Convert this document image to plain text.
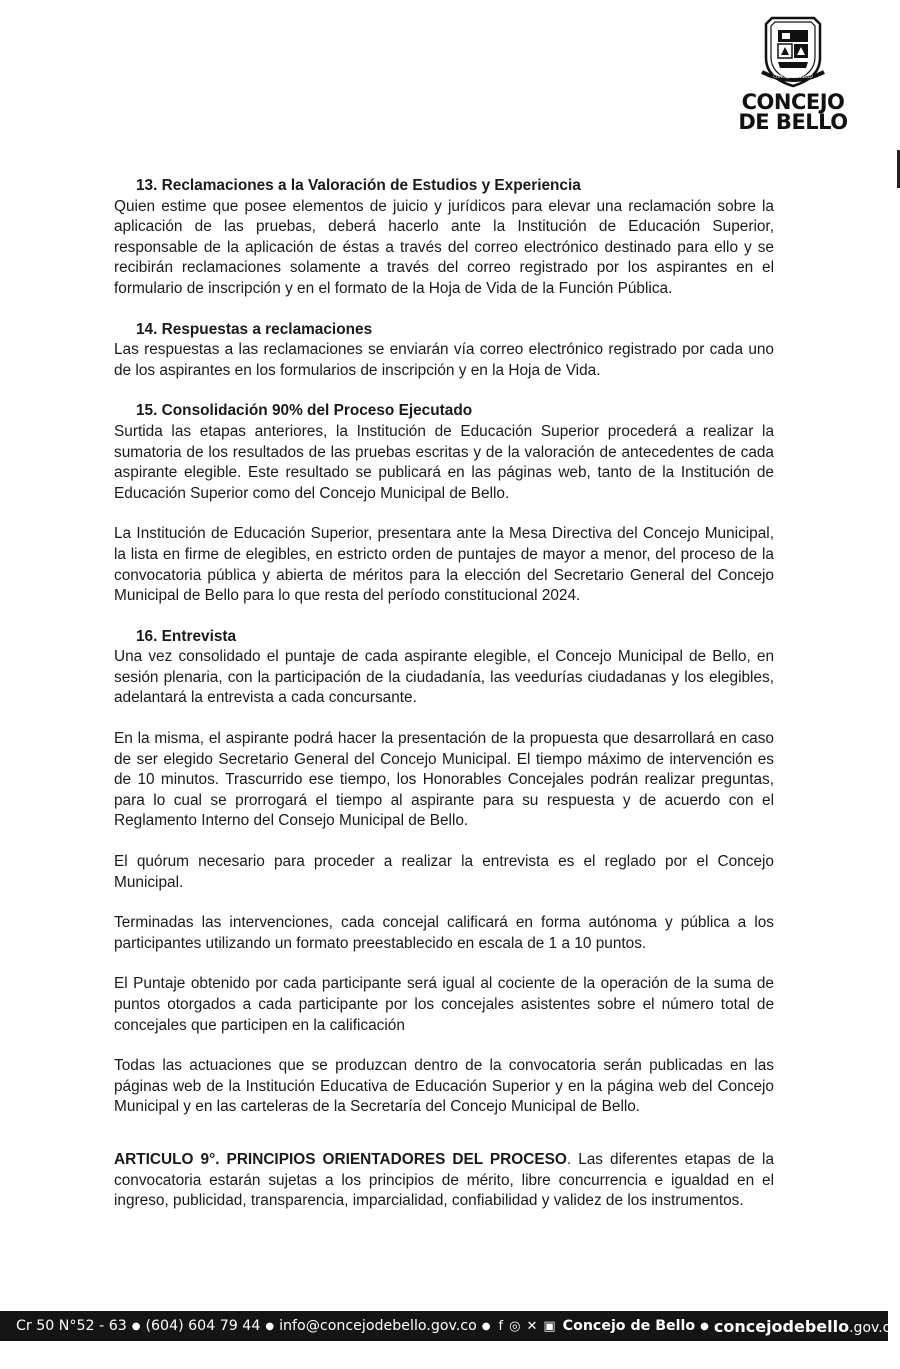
CONCEJO DE BELLO
CONCEJO
DE BELLO
13. Reclamaciones a la Valoración de Estudios y Experiencia

Quien estime que posee elementos de juicio y jurídicos para elevar una reclamación sobre la aplicación de las pruebas, deberá hacerlo ante la Institución de Educación Superior, responsable de la aplicación de éstas a través del correo electrónico destinado para ello y se recibirán reclamaciones solamente a través del correo registrado por los aspirantes en el formulario de inscripción y en el formato de la Hoja de Vida de la Función Pública.

14. Respuestas a reclamaciones

Las respuestas a las reclamaciones se enviarán vía correo electrónico registrado por cada uno de los aspirantes en los formularios de inscripción y en la Hoja de Vida.

15. Consolidación 90% del Proceso Ejecutado

Surtida las etapas anteriores, la Institución de Educación Superior procederá a realizar la sumatoria de los resultados de las pruebas escritas y de la valoración de antecedentes de cada aspirante elegible. Este resultado se publicará en las páginas web, tanto de la Institución de Educación Superior como del Concejo Municipal de Bello.

La Institución de Educación Superior, presentara ante la Mesa Directiva del Concejo Municipal, la lista en firme de elegibles, en estricto orden de puntajes de mayor a menor, del proceso de la convocatoria pública y abierta de méritos para la elección del Secretario General del Concejo Municipal de Bello para lo que resta del período constitucional 2024.

16. Entrevista

Una vez consolidado el puntaje de cada aspirante elegible, el Concejo Municipal de Bello, en sesión plenaria, con la participación de la ciudadanía, las veedurías ciudadanas y los elegibles, adelantará la entrevista a cada concursante.

En la misma, el aspirante podrá hacer la presentación de la propuesta que desarrollará en caso de ser elegido Secretario General del Concejo Municipal. El tiempo máximo de intervención es de 10 minutos. Trascurrido ese tiempo, los Honorables Concejales podrán realizar preguntas, para lo cual se prorrogará el tiempo al aspirante para su respuesta y de acuerdo con el Reglamento Interno del Consejo Municipal de Bello.

El quórum necesario para proceder a realizar la entrevista es el reglado por el Concejo Municipal.

Terminadas las intervenciones, cada concejal calificará en forma autónoma y pública a los participantes utilizando un formato preestablecido en escala de 1 a 10 puntos.

El Puntaje obtenido por cada participante será igual al cociente de la operación de la suma de puntos otorgados a cada participante por los concejales asistentes sobre el número total de concejales que participen en la calificación

Todas las actuaciones que se produzcan dentro de la convocatoria serán publicadas en las páginas web de la Institución Educativa de Educación Superior y en la página web del Concejo Municipal y en las carteleras de la Secretaría del Concejo Municipal de Bello.

ARTICULO 9°. PRINCIPIOS ORIENTADORES DEL PROCESO. Las diferentes etapas de la convocatoria estarán sujetas a los principios de mérito, libre concurrencia e igualdad en el ingreso, publicidad, transparencia, imparcialidad, confiabilidad y validez de los instrumentos.

Cr 50 N°52 - 63 ● (604) 604 79 44 ● info@concejodebello.gov.co ● f ◎ ✕ ▣ Concejo de Bello ● concejodebello.gov.co
